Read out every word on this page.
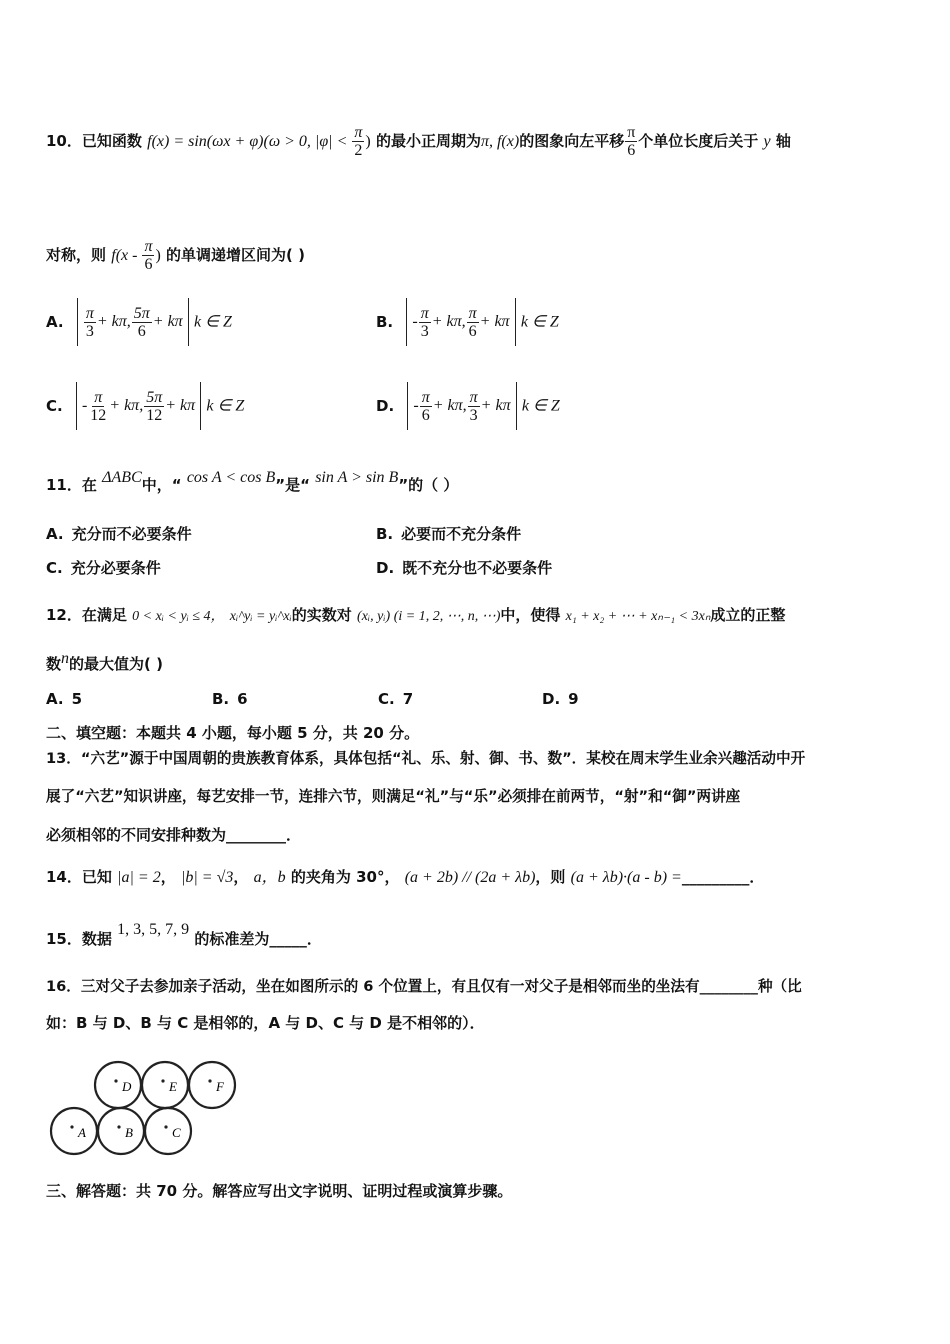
10．已知函数 f(x) = sin(ωx + φ)(ω > 0, $|\varphi| < \frac{\pi}{2}$ ) 的最小正周期为π, f(x)的图象向左平移 $\frac{\pi}{6}$ 个单位长度后关于 y 轴
对称，则 $f(x - \frac{\pi}{6}$ ) 的单调递增区间为( )
A. $\frac{\pi}{3} + k\pi$, $\frac{5\pi}{6} + k\pi$ k ∈ Z	B. - $\frac{\pi}{3} + k\pi$, $\frac{\pi}{6} + k\pi$ k ∈ Z
C. - $\frac{\pi}{12} + k\pi$, $\frac{5\pi}{12} + k\pi$ k ∈ Z	D. - $\frac{\pi}{6} + k\pi$, $\frac{\pi}{3} + k\pi$ k ∈ Z
11．在 ΔABC中，“ cos A < cos B”是“ sin A > sin B”的（ ）
A. 充分而不必要条件	B. 必要而不充分条件
C. 充分必要条件	D. 既不充分也不必要条件
12．在满足 0 < xᵢ < yᵢ ≤ 4， xᵢ^yᵢ = yᵢ^xᵢ的实数对 (xᵢ, yᵢ) (i = 1, 2, ⋯, n, ⋯)中，使得 x₁ + x₂ + ⋯ + xₙ₋₁ < 3xₙ成立的正整
数n的最大值为( )
A. 5	B. 6	C. 7	D. 9
二、填空题：本题共 4 小题，每小题 5 分，共 20 分。
13．“六艺”源于中国周朝的贵族教育体系，具体包括“礼、乐、射、御、书、数”．某校在周末学生业余兴趣活动中开
展了“六艺”知识讲座，每艺安排一节，连排六节，则满足“礼”与“乐”必须排在前两节，“射”和“御”两讲座
必须相邻的不同安排种数为________．
14．已知 |a| = 2， |b| = √3， a，b 的夹角为 30°， (a + 2b) // (2a + λb)，则 (a + λb)·(a - b) =_________．
15．数据 1, 3, 5, 7, 9 的标准差为_____．
16．三对父子去参加亲子活动，坐在如图所示的 6 个位置上，有且仅有一对父子是相邻而坐的坐法有________种（比
如：B 与 D、B 与 C 是相邻的，A 与 D、C 与 D 是不相邻的）．
D	E	F
A	B	C
三、解答题：共 70 分。解答应写出文字说明、证明过程或演算步骤。
